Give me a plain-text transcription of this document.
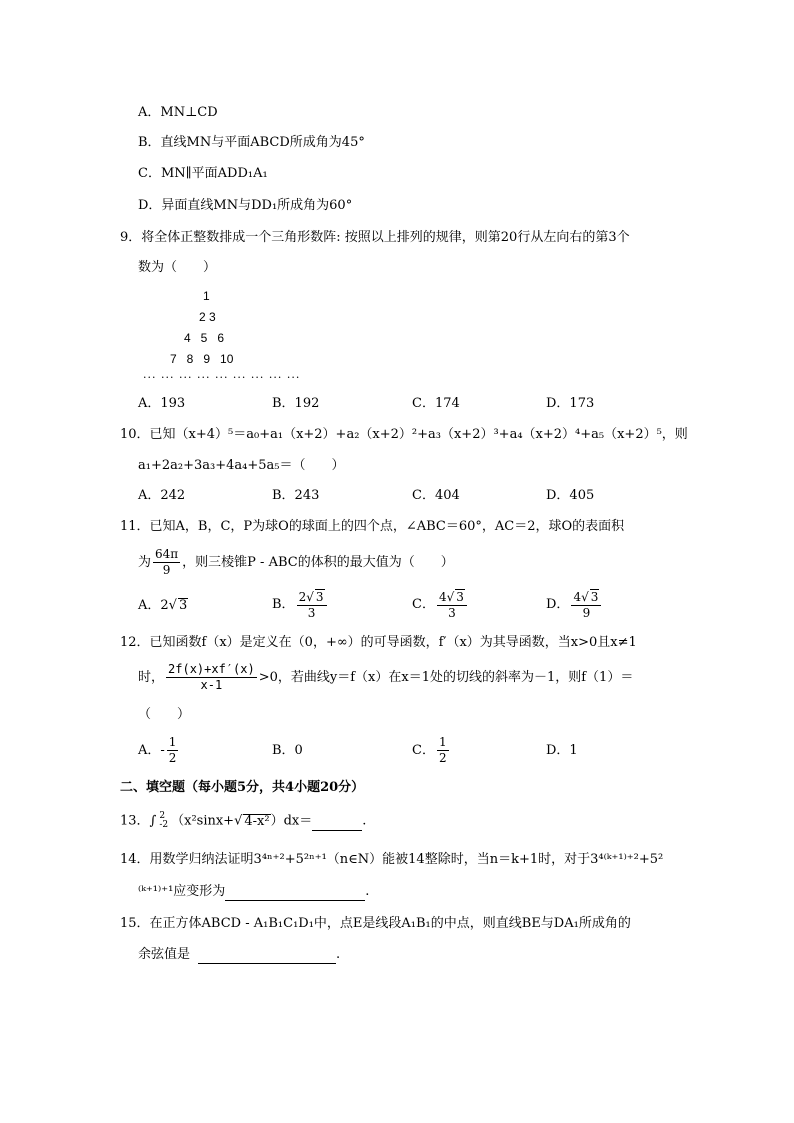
A．MN⊥CD
B．直线MN与平面ABCD所成角为45°
C．MN∥平面ADD₁A₁
D．异面直线MN与DD₁所成角为60°
9．将全体正整数排成一个三角形数阵: 按照以上排列的规律，则第20行从左向右的第3个
数为（　　）
1
2 3
4   5   6
7   8   9   10
··· ··· ··· ··· ··· ··· ··· ··· ···
A．193	B．192	C．174	D．173
10．已知（x+4）⁵＝a₀+a₁（x+2）+a₂（x+2）²+a₃（x+2）³+a₄（x+2）⁴+a₅（x+2）⁵，则
a₁+2a₂+3a₃+4a₄+5a₅＝（　　）
A．242	B．243	C．404	D．405
11．已知A，B，C，P为球O的球面上的四个点，∠ABC＝60°，AC＝2，球O的表面积
为 $\frac{64\pi}{9}$ ，则三棱锥P - ABC的体积的最大值为（　　）
A．2√ 3	B． $\frac{2√ 3}{3}$	C． $\frac{4√ 3}{3}$	D． $\frac{4√ 3}{9}$
12．已知函数f（x）是定义在（0，+∞）的可导函数，f′（x）为其导函数，当x>0且x≠1
时， $\frac{2f(x)+xf'(x)}{x-1} >0$，若曲线y＝f（x）在x＝1处的切线的斜率为－1，则f（1）＝
（　　）
A．- $\frac{1}{2}$	B．0	C． $\frac{1}{2}$	D．1
二、填空题（每小题5分，共4小题20分）
13．∫ 2
-2 （x²sinx+√ 4-x²）dx＝	.
14．用数学归纳法证明3⁴ⁿ⁺²+5²ⁿ⁺¹（n∈N）能被14整除时，当n＝k+1时，对于3⁴⁽ᵏ⁺¹⁾⁺²+5²
⁽ᵏ⁺¹⁾⁺¹应变形为	.
15．在正方体ABCD - A₁B₁C₁D₁中，点E是线段A₁B₁的中点，则直线BE与DA₁所成角的
余弦值是	.
